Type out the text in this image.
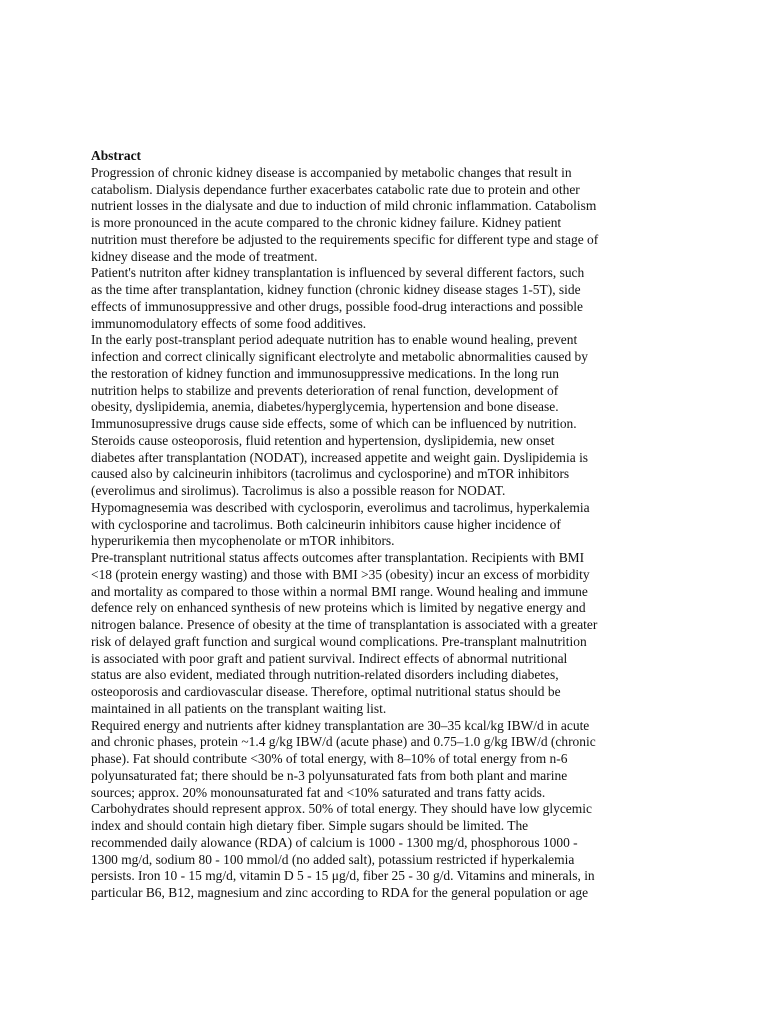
Abstract
Progression of chronic kidney disease is accompanied by metabolic changes that result in
catabolism. Dialysis dependance further exacerbates catabolic rate due to protein and other
nutrient losses in the dialysate and due to induction of mild chronic inflammation. Catabolism
is more pronounced in the acute compared to the chronic kidney failure. Kidney patient
nutrition must therefore be adjusted to the requirements specific for different type and stage of
kidney disease and the mode of treatment.
Patient's nutriton after kidney transplantation is influenced by several different factors, such
as the time after transplantation, kidney function (chronic kidney disease stages 1-5T), side
effects of immunosuppressive and other drugs, possible food-drug interactions and possible
immunomodulatory effects of some food additives.
In the early post-transplant period adequate nutrition has to enable wound healing, prevent
infection and correct clinically significant electrolyte and metabolic abnormalities caused by
the restoration of kidney function and immunosuppressive medications. In the long run
nutrition helps to stabilize and prevents deterioration of renal function, development of
obesity, dyslipidemia, anemia, diabetes/hyperglycemia, hypertension and bone disease.
Immunosupressive drugs cause side effects, some of which can be influenced by nutrition.
Steroids cause osteoporosis, fluid retention and hypertension, dyslipidemia, new onset
diabetes after transplantation (NODAT), increased appetite and weight gain. Dyslipidemia is
caused also by calcineurin inhibitors (tacrolimus and cyclosporine) and mTOR inhibitors
(everolimus and sirolimus). Tacrolimus is also a possible reason for NODAT.
Hypomagnesemia was described with cyclosporin, everolimus and tacrolimus, hyperkalemia
with cyclosporine and tacrolimus. Both calcineurin inhibitors cause higher incidence of
hyperurikemia then mycophenolate or mTOR inhibitors.
Pre-transplant nutritional status affects outcomes after transplantation. Recipients with BMI
<18 (protein energy wasting) and those with BMI >35 (obesity) incur an excess of morbidity
and mortality as compared to those within a normal BMI range. Wound healing and immune
defence rely on enhanced synthesis of new proteins which is limited by negative energy and
nitrogen balance. Presence of obesity at the time of transplantation is associated with a greater
risk of delayed graft function and surgical wound complications. Pre-transplant malnutrition
is associated with poor graft and patient survival. Indirect effects of abnormal nutritional
status are also evident, mediated through nutrition-related disorders including diabetes,
osteoporosis and cardiovascular disease. Therefore, optimal nutritional status should be
maintained in all patients on the transplant waiting list.
Required energy and nutrients after kidney transplantation are 30–35 kcal/kg IBW/d in acute
and chronic phases, protein ~1.4 g/kg IBW/d (acute phase) and 0.75–1.0 g/kg IBW/d (chronic
phase). Fat should contribute <30% of total energy, with 8–10% of total energy from n-6
polyunsaturated fat; there should be n-3 polyunsaturated fats from both plant and marine
sources; approx. 20% monounsaturated fat and <10% saturated and trans fatty acids.
Carbohydrates should represent approx. 50% of total energy. They should have low glycemic
index and should contain high dietary fiber. Simple sugars should be limited. The
recommended daily alowance (RDA) of calcium is 1000 - 1300 mg/d, phosphorous 1000 -
1300 mg/d, sodium 80 - 100 mmol/d (no added salt), potassium restricted if hyperkalemia
persists. Iron 10 - 15 mg/d, vitamin D 5 - 15 μg/d, fiber 25 - 30 g/d. Vitamins and minerals, in
particular B6, B12, magnesium and zinc according to RDA for the general population or age
